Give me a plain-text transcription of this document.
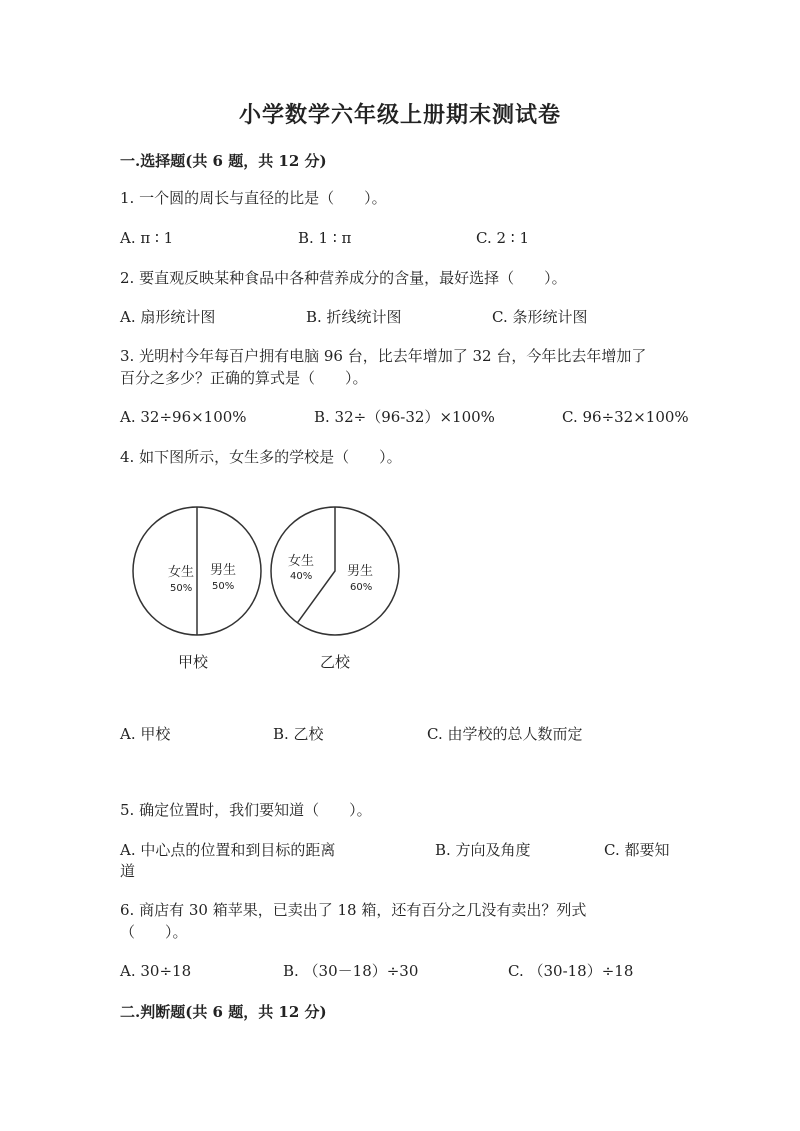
小学数学六年级上册期末测试卷
一.选择题(共 6 题，共 12 分)
1. 一个圆的周长与直径的比是（　　）。
A. π ∶ 1	B. 1 ∶ π	C. 2 ∶ 1
2. 要直观反映某种食品中各种营养成分的含量，最好选择（　　）。
A. 扇形统计图	B. 折线统计图	C. 条形统计图
3. 光明村今年每百户拥有电脑 96 台，比去年增加了 32 台，今年比去年增加了
百分之多少？正确的算式是（　　）。
A. 32÷96×100%	B. 32÷（96-32）×100%	C. 96÷32×100%
4. 如下图所示，女生多的学校是（　　）。
女生
50%
男生
50%
甲校
女生
40%	男生
60%
乙校
A. 甲校	B. 乙校	C. 由学校的总人数而定
5. 确定位置时，我们要知道（　　）。
A. 中心点的位置和到目标的距离	B. 方向及角度	C. 都要知
道
6. 商店有 30 箱苹果，已卖出了 18 箱，还有百分之几没有卖出？列式
（　　）。
A. 30÷18	B. （30－18）÷30	C. （30-18）÷18
二.判断题(共 6 题，共 12 分)
